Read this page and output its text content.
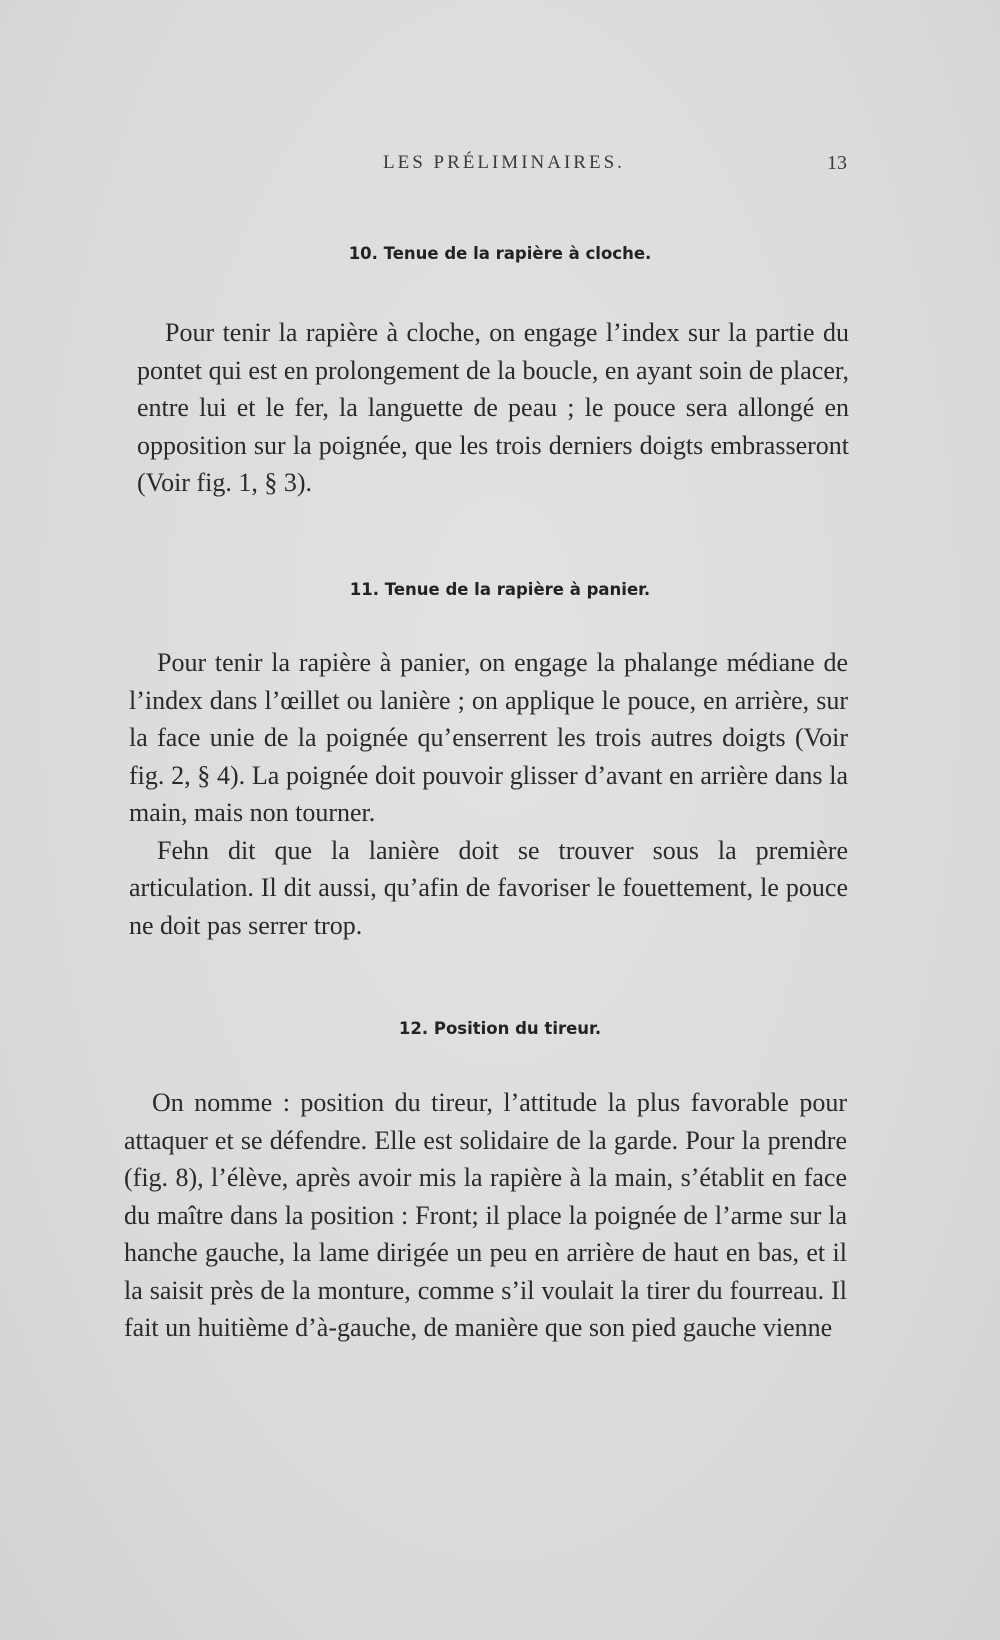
LES PRÉLIMINAIRES.	13
10. Tenue de la rapière à cloche.

Pour tenir la rapière à cloche, on engage l’index sur la partie du pontet qui est en prolongement de la boucle, en ayant soin de placer, entre lui et le fer, la languette de peau ; le pouce sera allongé en opposition sur la poignée, que les trois derniers doigts embrasseront (Voir fig. 1, § 3).

11. Tenue de la rapière à panier.

Pour tenir la rapière à panier, on engage la phalange médiane de l’index dans l’œillet ou lanière ; on applique le pouce, en arrière, sur la face unie de la poignée qu’enserrent les trois autres doigts (Voir fig. 2, § 4). La poignée doit pouvoir glisser d’avant en arrière dans la main, mais non tourner.

Fehn dit que la lanière doit se trouver sous la première articulation. Il dit aussi, qu’afin de favoriser le fouettement, le pouce ne doit pas serrer trop.

12. Position du tireur.

On nomme : position du tireur, l’attitude la plus favorable pour attaquer et se défendre. Elle est solidaire de la garde. Pour la prendre (fig. 8), l’élève, après avoir mis la rapière à la main, s’établit en face du maître dans la position : Front; il place la poignée de l’arme sur la hanche gauche, la lame dirigée un peu en arrière de haut en bas, et il la saisit près de la monture, comme s’il voulait la tirer du fourreau. Il fait un huitième d’à-gauche, de manière que son pied gauche vienne
